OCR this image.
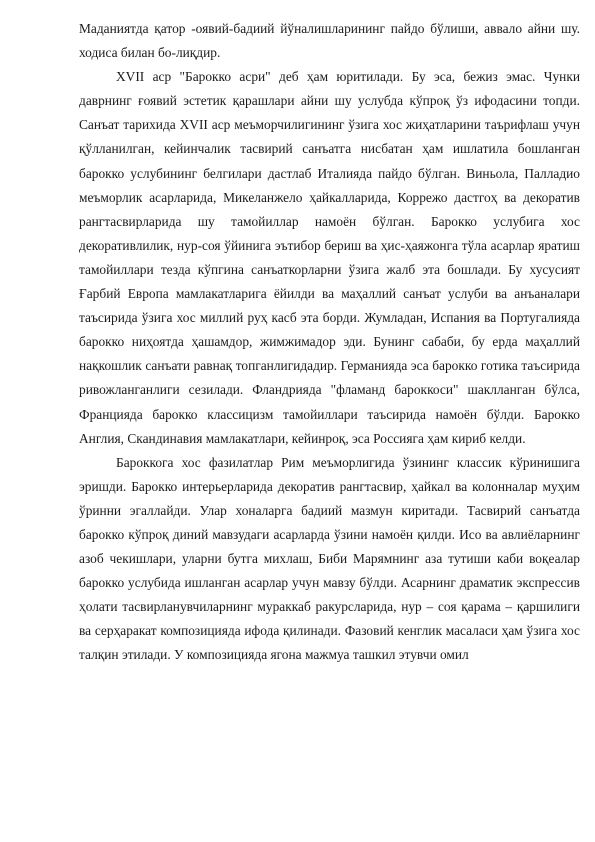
Маданиятда қатор -оявий-бадиий йўналишларининг пайдо бўлиши, аввало айни шу. ходиса билан бо-лиқдир.

XVII аср "Барокко асри" деб ҳам юритилади. Бу эса, бежиз эмас. Чунки даврнинг ғоявий эстетик қарашлари айни шу услубда кўпроқ ўз ифодасини топди. Санъат тарихида XVII аср меъморчилигининг ўзига хос жиҳатларини таърифлаш учун қўлланилган, кейинчалик тасвирий санъатга нисбатан ҳам ишлатила бошланган барокко услубининг белгилари дастлаб Италияда пайдо бўлган. Виньола, Палладио меъморлик асарларида, Микеланжело ҳайкалларида, Корреж​о дастгоҳ ва декоратив рангтасвирларида шу тамойиллар намоён бўлган. Барокко услубига хос декоративлилик, нур-соя ўйинига эътибор бериш ва ҳис-ҳаяжонга тўла асарлар яратиш тамойиллари тезда кўпгина санъаткорларни ўзига жалб эта бошлади. Бу хусусият Ғарбий Европа мамлакатларига ёйилди ва маҳаллий санъат услуби ва анъаналари таъсирида ўзига хос миллий руҳ касб эта борди. Жумладан, Испания ва Португалияда барокко ниҳоятда ҳашамдор, жимжимадор эди. Бунинг сабаби, бу ерда маҳаллий нақкошлик санъати равнақ топганлигидадир. Германияда эса барокко готика таъсирида ривожланганлиги сезилади. Фландрияда "фламанд бароккоси" шаклланган бўлса, Францияда барокко классицизм тамойиллари таъсирида намоён бўлди. Барокко Англия, Скандинавия мамлакатлари, кейинроқ, эса Россияга ҳам кириб келди.

Бароккога хос фазилатлар Рим меъморлигида ўзининг классик кўринишига эришди. Барокко интерьерларида декоратив рангтасвир, ҳайкал ва колонналар муҳим ўринни эгаллайди. Улар хоналарга бадиий мазмун киритади. Тасвирий санъатда барокко кўпроқ диний мавзудаги асарларда ўзини намоён қилди. Исо ва авлиёларнинг азоб чекишлари, уларни бутга михлаш, Биби Марямнинг аза тутиши каби воқеалар барокко услубида ишланган асарлар учун мавзу бўлди. Асарнинг драматик экспрессив ҳолати тасвирланувчиларнинг мураккаб ракурсларида, нур – соя қарама – қаршилиги ва серҳаракат композицияда ифода қилинади. Фазовий кенглик масаласи ҳам ўзига хос талқин этилади. У композицияда ягона мажмуа ташкил этувчи омил
